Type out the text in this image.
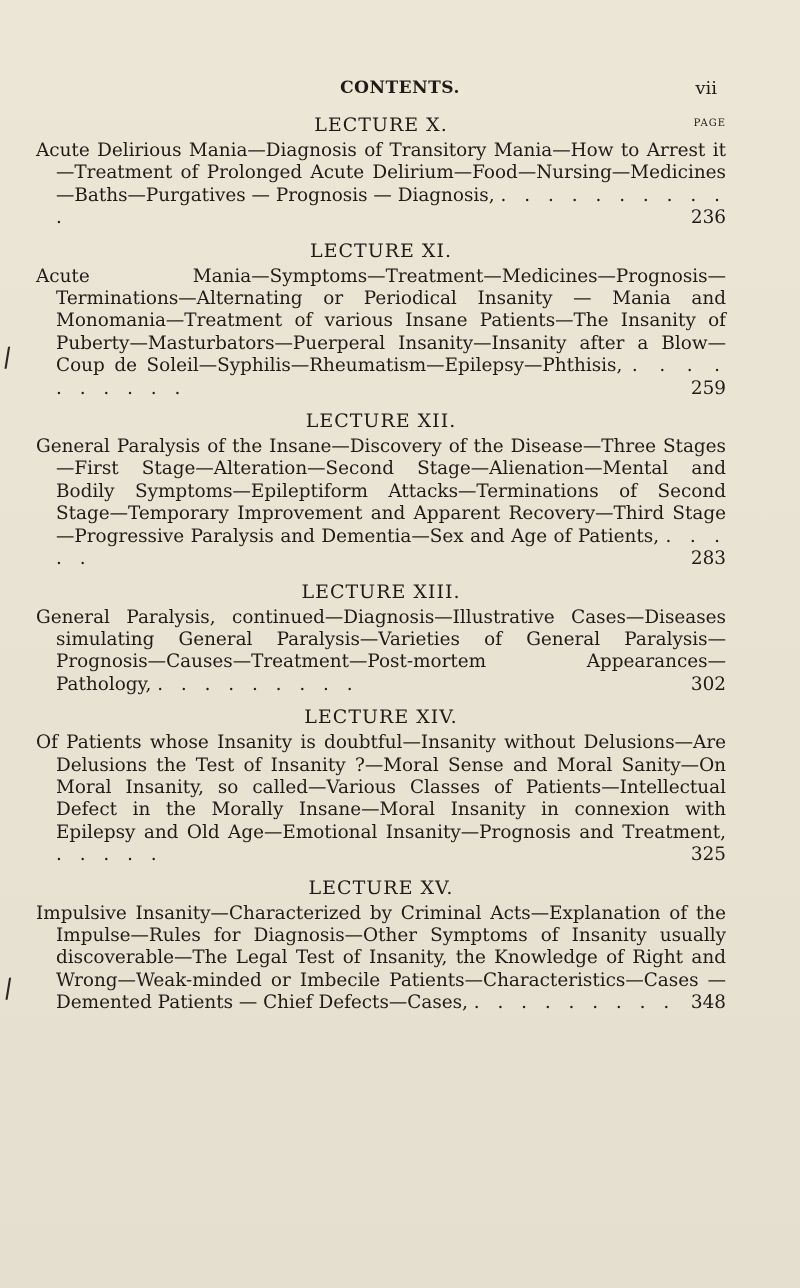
CONTENTS.	vii
/
/
LECTURE X.	PAGE

Acute Delirious Mania—Diagnosis of Transitory Mania—How to Arrest it—Treatment of Prolonged Acute Delirium—Food—Nursing—Medicines—Baths—Purgatives — Prognosis — Diagnosis, . . . . . . . . . . .	236

LECTURE XI.

Acute Mania—Symptoms—Treatment—Medicines—Prognosis—Terminations—Alternating or Periodical Insanity — Mania and Monomania—Treatment of various Insane Patients—The Insanity of Puberty—Masturbators—Puerperal Insanity—Insanity after a Blow—Coup de Soleil—Syphilis—Rheumatism—Epilepsy—Phthisis, . . . . . . . . . .	259

LECTURE XII.

General Paralysis of the Insane—Discovery of the Disease—Three Stages—First Stage—Alteration—Second Stage—Alienation—Mental and Bodily Symptoms—Epileptiform Attacks—Terminations of Second Stage—Temporary Improvement and Apparent Recovery—Third Stage—Progressive Paralysis and Dementia—Sex and Age of Patients, . . . . .	283

LECTURE XIII.

General Paralysis, continued—Diagnosis—Illustrative Cases—Diseases simulating General Paralysis—Varieties of General Paralysis—Prognosis—Causes—Treatment—Post-mortem Appearances—Pathology, . . . . . . . . .	302

LECTURE XIV.

Of Patients whose Insanity is doubtful—Insanity without Delusions—Are Delusions the Test of Insanity ?—Moral Sense and Moral Sanity—On Moral Insanity, so called—Various Classes of Patients—Intellectual Defect in the Morally Insane—Moral Insanity in connexion with Epilepsy and Old Age—Emotional Insanity—Prognosis and Treatment, . . . . .	325

LECTURE XV.

Impulsive Insanity—Characterized by Criminal Acts—Explanation of the Impulse—Rules for Diagnosis—Other Symptoms of Insanity usually discoverable—The Legal Test of Insanity, the Knowledge of Right and Wrong—Weak-minded or Imbecile Patients—Characteristics—Cases — Demented Patients — Chief Defects—Cases, . . . . . . . . . 348
